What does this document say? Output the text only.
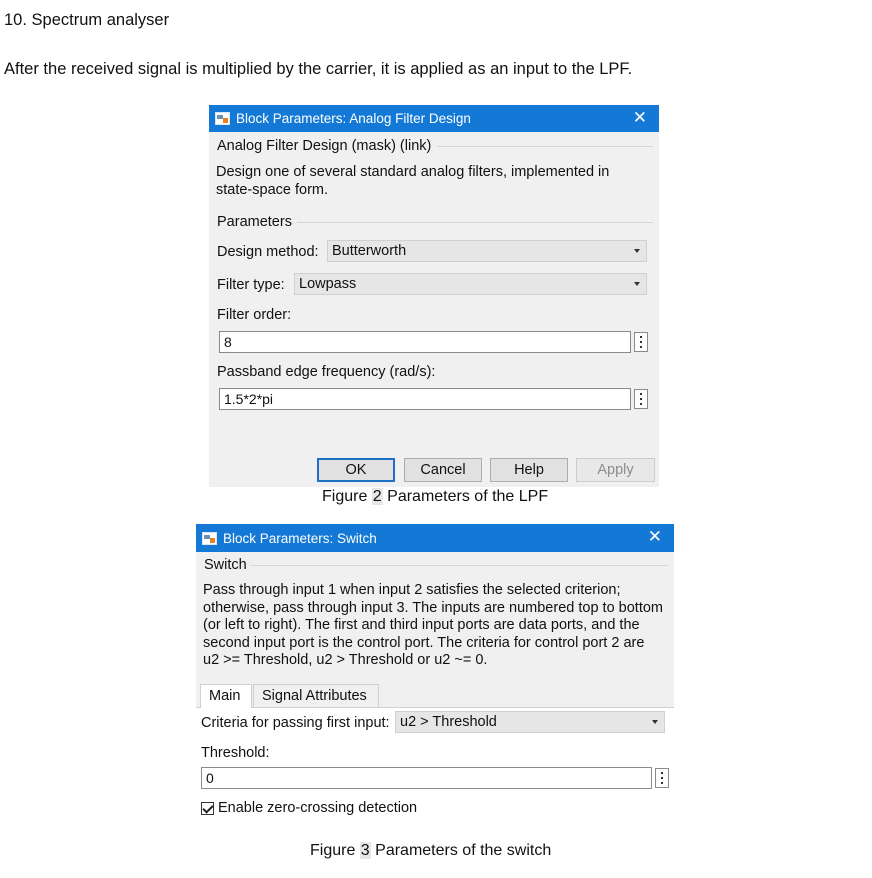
10. Spectrum analyser
After the received signal is multiplied by the carrier, it is applied as an input to the LPF.
Block Parameters: Analog Filter Design	✕
Analog Filter Design (mask) (link)
Design one of several standard analog filters, implemented in
state-space form.
Parameters
Design method: Butterworth
Filter type: Lowpass
Filter order:
8
Passband edge frequency (rad/s):
1.5*2*pi
OK	Cancel	Help	Apply
Figure 2 Parameters of the LPF
Block Parameters: Switch	✕
Switch
Pass through input 1 when input 2 satisfies the selected criterion;
otherwise, pass through input 3. The inputs are numbered top to bottom
(or left to right). The first and third input ports are data ports, and the
second input port is the control port. The criteria for control port 2 are
u2 >= Threshold, u2 > Threshold or u2 ~= 0.
Main	Signal Attributes
Criteria for passing first input: u2 > Threshold
Threshold:
0
Enable zero-crossing detection
Figure 3 Parameters of the switch
